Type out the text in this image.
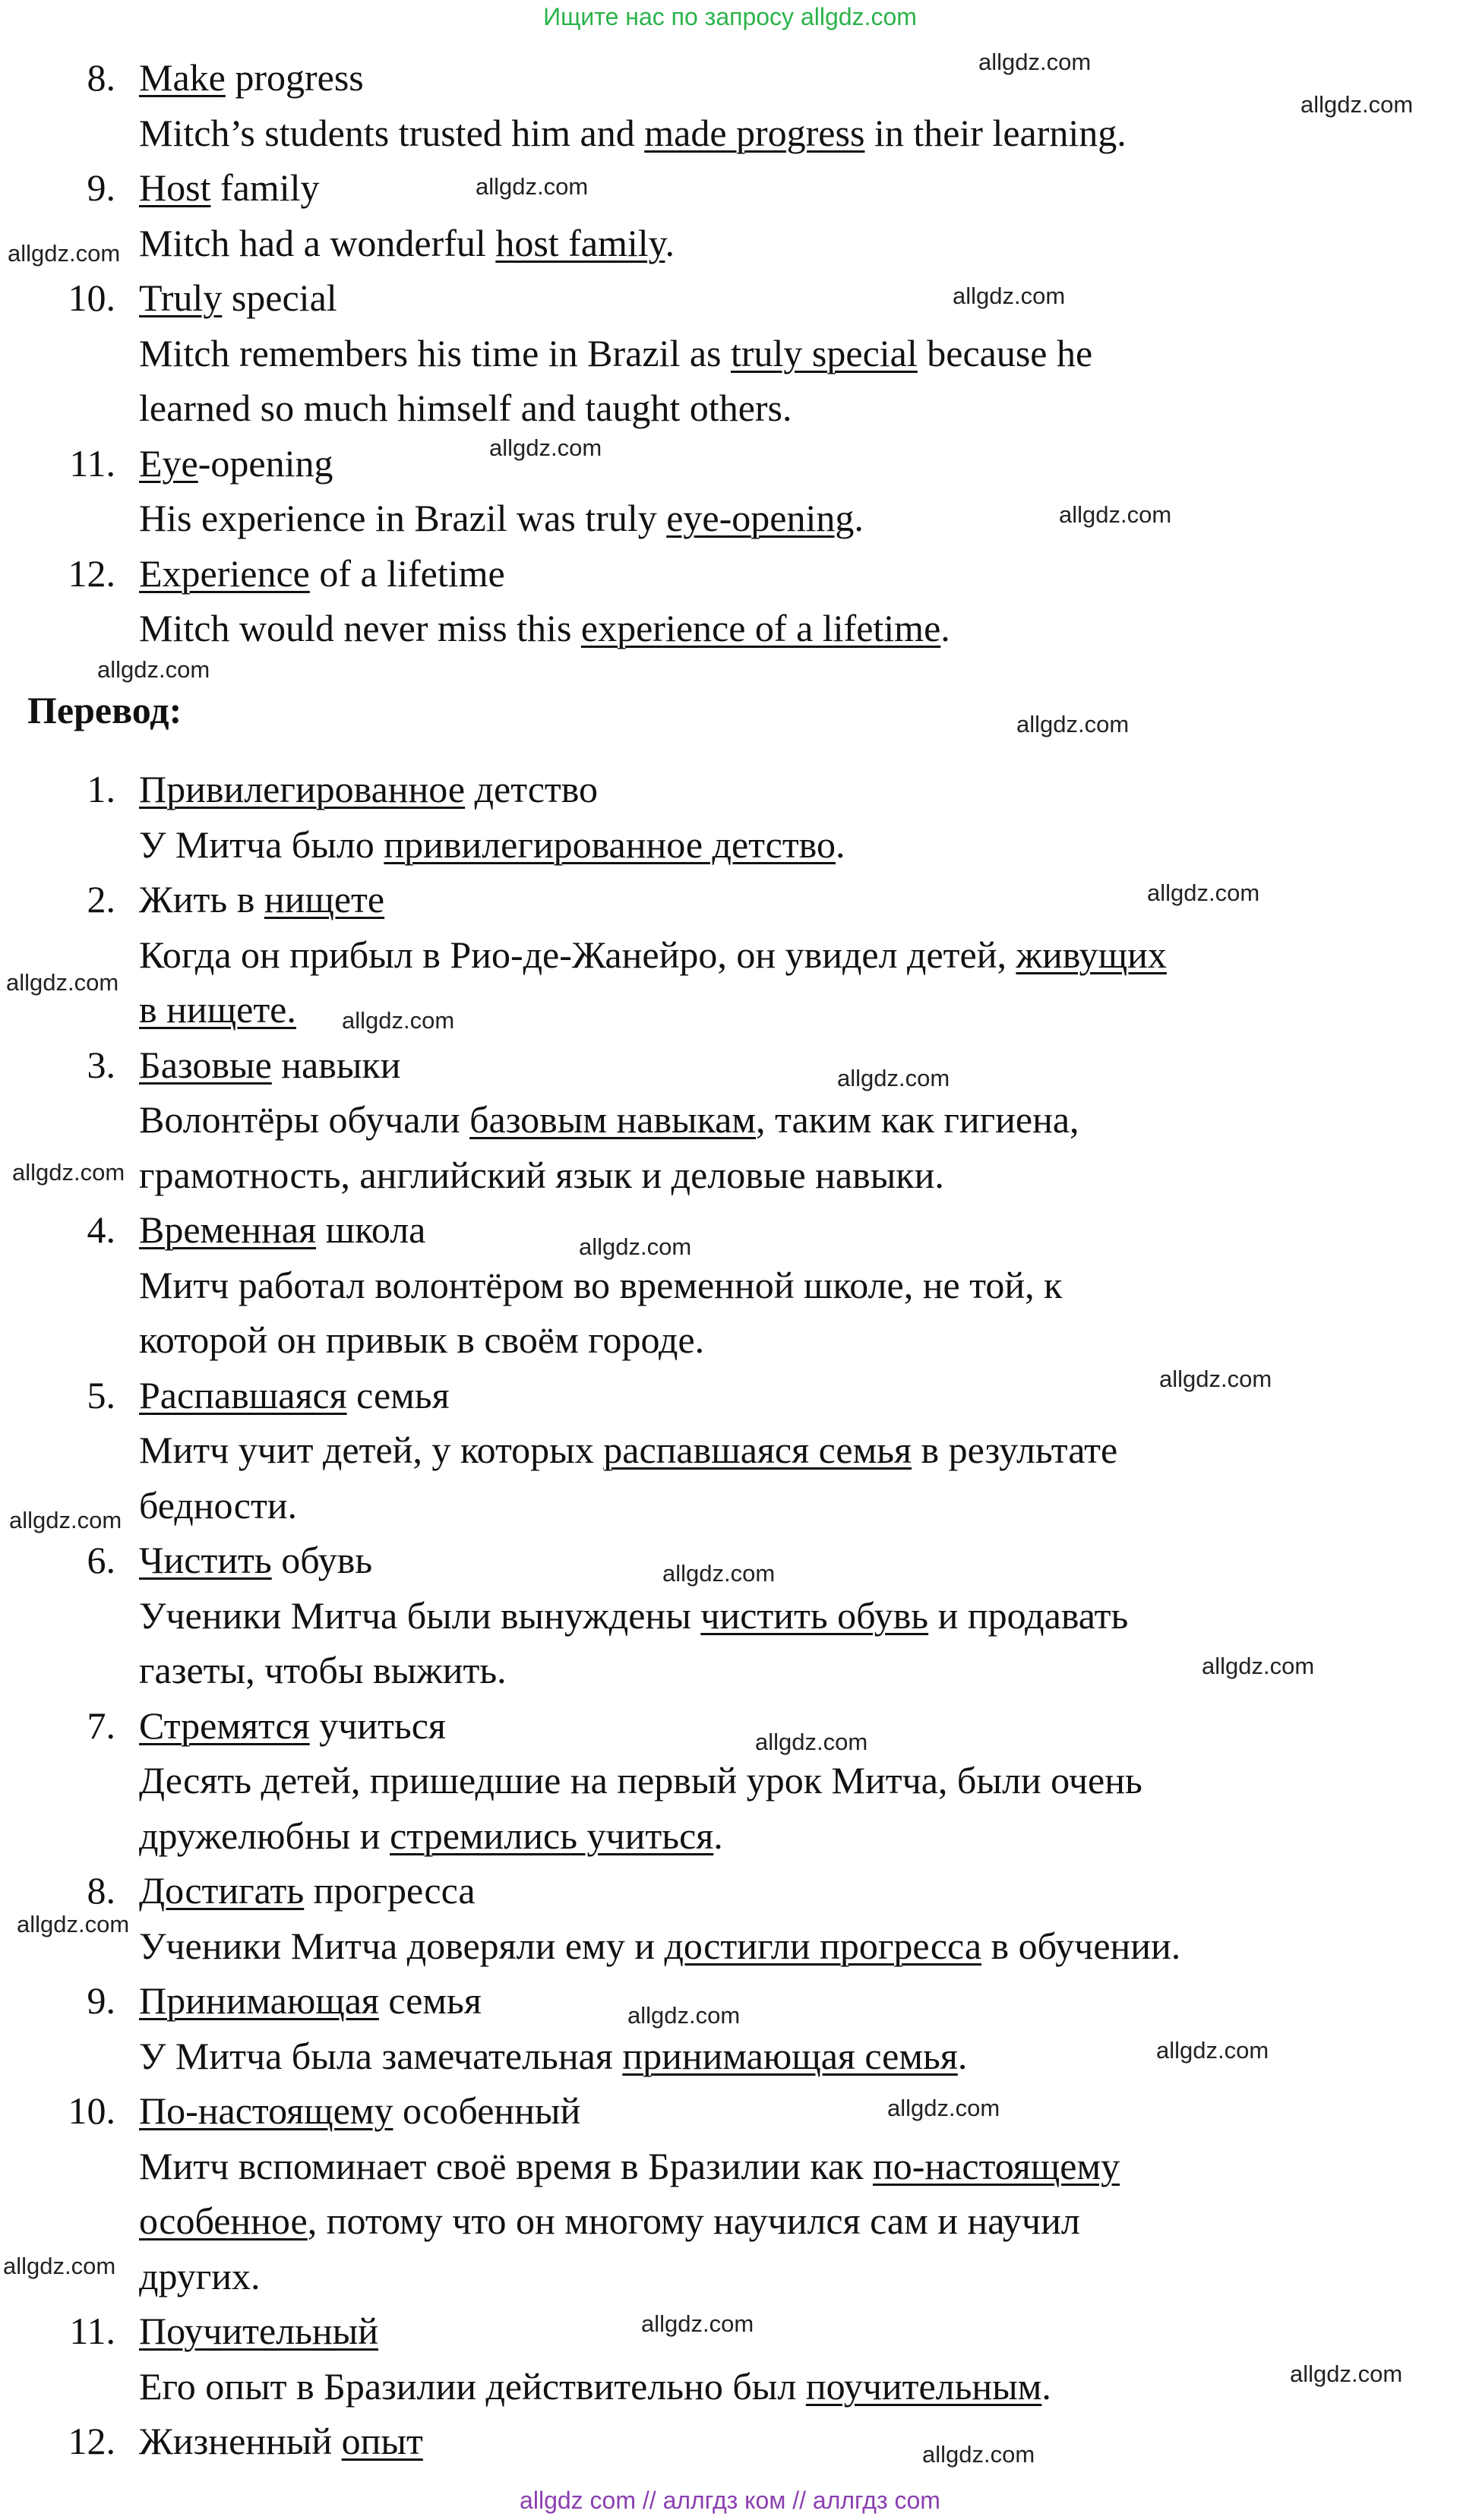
Ищите нас по запросу allgdz.com
8. Make progress
Mitch’s students trusted him and made progress in their learning.
9. Host family
Mitch had a wonderful host family.
10. Truly special
Mitch remembers his time in Brazil as truly special because he
learned so much himself and taught others.
11. Eye-opening
His experience in Brazil was truly eye-opening.
12. Experience of a lifetime
Mitch would never miss this experience of a lifetime.
Перевод:
1. Привилегированное детство
У Митча было привилегированное детство.
2. Жить в нищете
Когда он прибыл в Рио-де-Жанейро, он увидел детей, живущих
в нищете.
3. Базовые навыки
Волонтёры обучали базовым навыкам, таким как гигиена,
грамотность, английский язык и деловые навыки.
4. Временная школа
Митч работал волонтёром во временной школе, не той, к
которой он привык в своём городе.
5. Распавшаяся семья
Митч учит детей, у которых распавшаяся семья в результате
бедности.
6. Чистить обувь
Ученики Митча были вынуждены чистить обувь и продавать
газеты, чтобы выжить.
7. Стремятся учиться
Десять детей, пришедшие на первый урок Митча, были очень
дружелюбны и стремились учиться.
8. Достигать прогресса
Ученики Митча доверяли ему и достигли прогресса в обучении.
9. Принимающая семья
У Митча была замечательная принимающая семья.
10. По-настоящему особенный
Митч вспоминает своё время в Бразилии как по-настоящему
особенное, потому что он многому научился сам и научил
других.
11. Поучительный
Его опыт в Бразилии действительно был поучительным.
12. Жизненный опыт
allgdz.com
allgdz.com
allgdz.com
allgdz.com
allgdz.com
allgdz.com
allgdz.com
allgdz.com
allgdz.com
allgdz.com
allgdz.com
allgdz.com
allgdz.com
allgdz.com
allgdz.com
allgdz.com
allgdz.com
allgdz.com
allgdz.com
allgdz.com
allgdz.com
allgdz.com
allgdz.com
allgdz.com
allgdz.com
allgdz.com
allgdz.com
allgdz.com
allgdz com // аллгдз ком // аллгдз com
